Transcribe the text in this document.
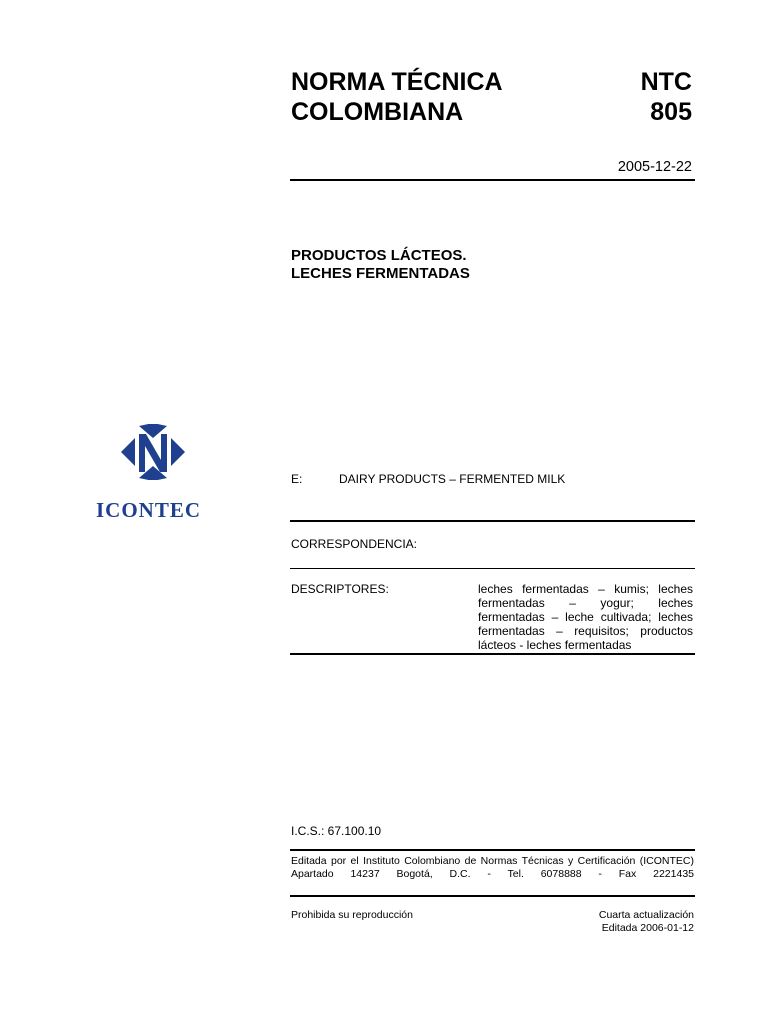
NORMA TÉCNICA
COLOMBIANA
NTC
805
2005-12-22
PRODUCTOS LÁCTEOS.
LECHES FERMENTADAS
ICONTEC
E:	DAIRY PRODUCTS – FERMENTED MILK
CORRESPONDENCIA:
DESCRIPTORES:	leches fermentadas – kumis; leches
fermentadas – yogur; leches
fermentadas – leche cultivada; leches
fermentadas – requisitos; productos
lácteos - leches fermentadas
I.C.S.: 67.100.10
Editada por el Instituto Colombiano de Normas Técnicas y Certificación (ICONTEC)
Apartado 14237 Bogotá, D.C. - Tel. 6078888 - Fax 2221435
Prohibida su reproducción	Cuarta actualización
Editada 2006-01-12
